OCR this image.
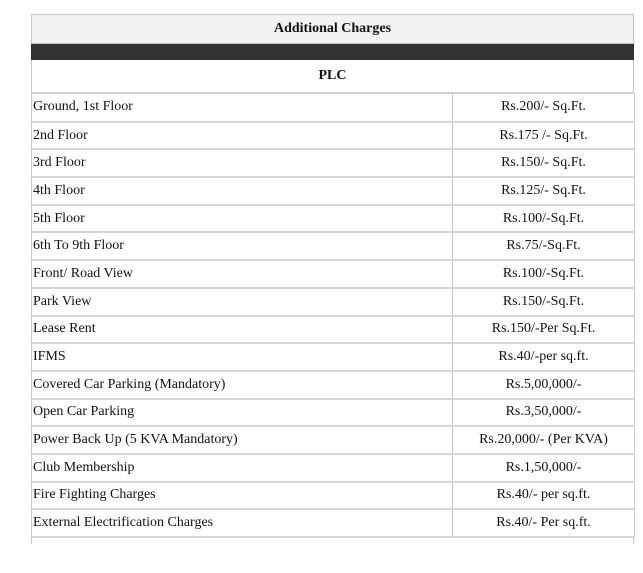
Additional Charges
PLC
Ground, 1st Floor	Rs.200/- Sq.Ft.
2nd Floor	Rs.175 /- Sq.Ft.
3rd Floor	Rs.150/- Sq.Ft.
4th Floor	Rs.125/- Sq.Ft.
5th Floor	Rs.100/-Sq.Ft.
6th To 9th Floor	Rs.75/-Sq.Ft.
Front/ Road View	Rs.100/-Sq.Ft.
Park View	Rs.150/-Sq.Ft.
Lease Rent	Rs.150/-Per Sq.Ft.
IFMS	Rs.40/-per sq.ft.
Covered Car Parking (Mandatory)	Rs.5,00,000/-
Open Car Parking	Rs.3,50,000/-
Power Back Up (5 KVA Mandatory)	Rs.20,000/- (Per KVA)
Club Membership	Rs.1,50,000/-
Fire Fighting Charges	Rs.40/- per sq.ft.
External Electrification Charges	Rs.40/- Per sq.ft.
